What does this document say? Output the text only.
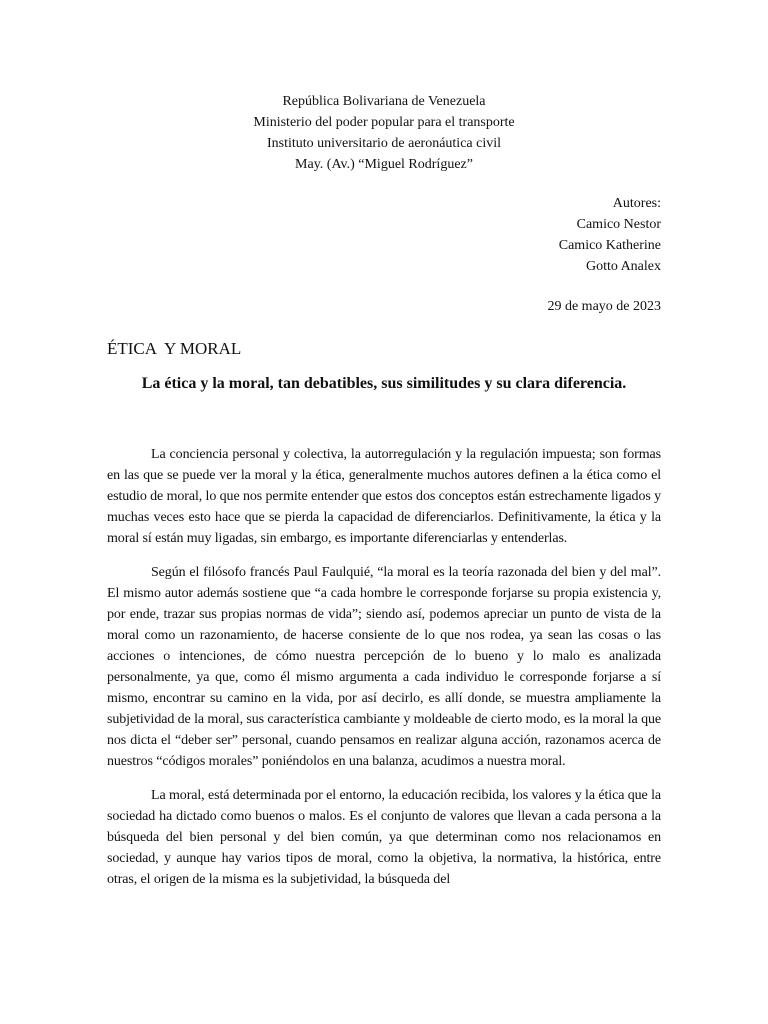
República Bolivariana de Venezuela
Ministerio del poder popular para el transporte
Instituto universitario de aeronáutica civil
May. (Av.) “Miguel Rodríguez”
Autores:
Camico Nestor
Camico Katherine
Gotto Analex
29 de mayo de 2023
ÉTICA  Y MORAL
La ética y la moral, tan debatibles, sus similitudes y su clara diferencia.

La conciencia personal y colectiva, la autorregulación y la regulación impuesta; son formas en las que se puede ver la moral y la ética, generalmente muchos autores definen a la ética como el estudio de moral, lo que nos permite entender que estos dos conceptos están estrechamente ligados y muchas veces esto hace que se pierda la capacidad de diferenciarlos. Definitivamente, la ética y la moral sí están muy ligadas, sin embargo, es importante diferenciarlas y entenderlas.

Según el filósofo francés Paul Faulquié, “la moral es la teoría razonada del bien y del mal”. El mismo autor además sostiene que “a cada hombre le corresponde forjarse su propia existencia y, por ende, trazar sus propias normas de vida”; siendo así, podemos apreciar un punto de vista de la moral como un razonamiento, de hacerse consiente de lo que nos rodea, ya sean las cosas o las acciones o intenciones, de cómo nuestra percepción de lo bueno y lo malo es analizada personalmente, ya que, como él mismo argumenta a cada individuo le corresponde forjarse a sí mismo, encontrar su camino en la vida, por así decirlo, es allí donde, se muestra ampliamente la subjetividad de la moral, sus característica cambiante y moldeable de cierto modo, es la moral la que nos dicta el “deber ser” personal, cuando pensamos en realizar alguna acción, razonamos acerca de nuestros “códigos morales” poniéndolos en una balanza, acudimos a nuestra moral.

La moral, está determinada por el entorno, la educación recibida, los valores y la ética que la sociedad ha dictado como buenos o malos. Es el conjunto de valores que llevan a cada persona a la búsqueda del bien personal y del bien común, ya que determinan como nos relacionamos en sociedad, y aunque hay varios tipos de moral, como la objetiva, la normativa, la histórica, entre otras, el origen de la misma es la subjetividad, la búsqueda del
